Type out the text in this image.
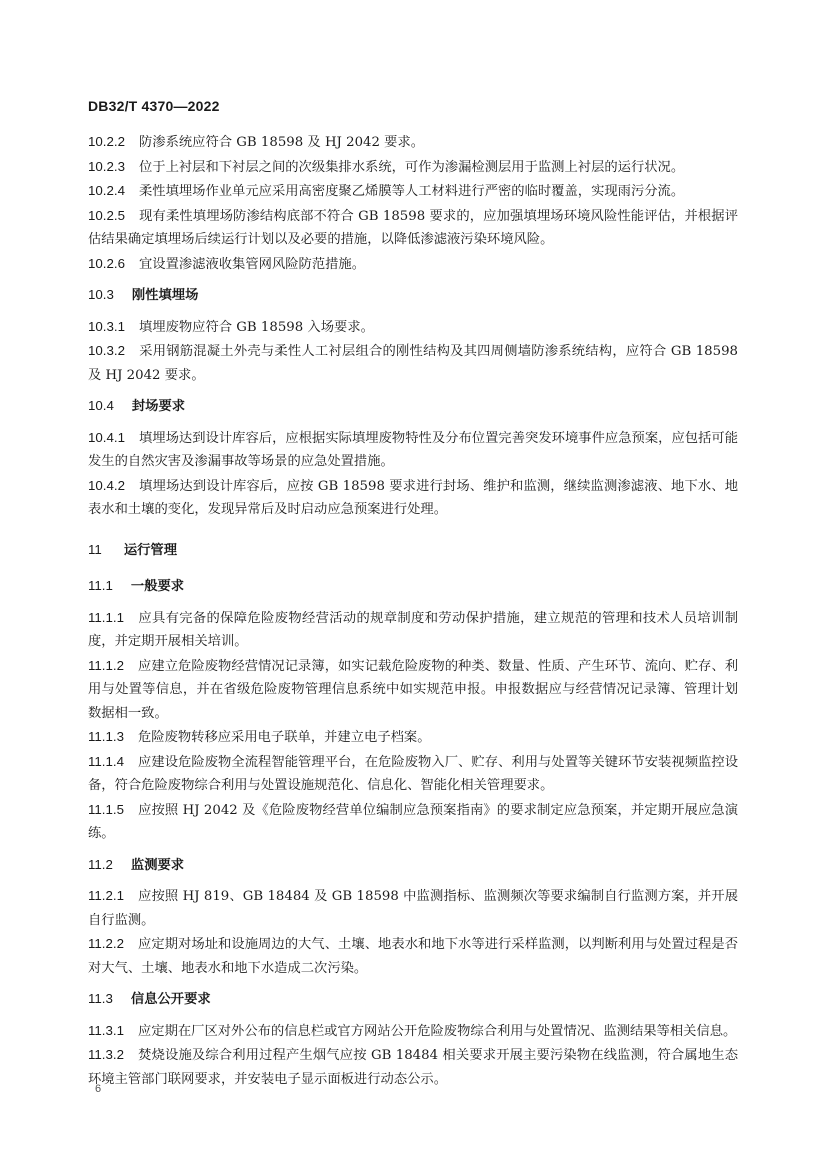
DB32/T 4370—2022

10.2.2 防渗系统应符合 GB 18598 及 HJ 2042 要求。

10.2.3 位于上衬层和下衬层之间的次级集排水系统，可作为渗漏检测层用于监测上衬层的运行状况。

10.2.4 柔性填埋场作业单元应采用高密度聚乙烯膜等人工材料进行严密的临时覆盖，实现雨污分流。

10.2.5 现有柔性填埋场防渗结构底部不符合 GB 18598 要求的，应加强填埋场环境风险性能评估，并根据评估结果确定填埋场后续运行计划以及必要的措施，以降低渗滤液污染环境风险。

10.2.6 宜设置渗滤液收集管网风险防范措施。

10.3 刚性填埋场

10.3.1 填埋废物应符合 GB 18598 入场要求。

10.3.2 采用钢筋混凝土外壳与柔性人工衬层组合的刚性结构及其四周侧墙防渗系统结构，应符合 GB 18598 及 HJ 2042 要求。

10.4 封场要求

10.4.1 填埋场达到设计库容后，应根据实际填埋废物特性及分布位置完善突发环境事件应急预案，应包括可能发生的自然灾害及渗漏事故等场景的应急处置措施。

10.4.2 填埋场达到设计库容后，应按 GB 18598 要求进行封场、维护和监测，继续监测渗滤液、地下水、地表水和土壤的变化，发现异常后及时启动应急预案进行处理。

11 运行管理

11.1 一般要求

11.1.1 应具有完备的保障危险废物经营活动的规章制度和劳动保护措施，建立规范的管理和技术人员培训制度，并定期开展相关培训。

11.1.2 应建立危险废物经营情况记录簿，如实记载危险废物的种类、数量、性质、产生环节、流向、贮存、利用与处置等信息，并在省级危险废物管理信息系统中如实规范申报。申报数据应与经营情况记录簿、管理计划数据相一致。

11.1.3 危险废物转移应采用电子联单，并建立电子档案。

11.1.4 应建设危险废物全流程智能管理平台，在危险废物入厂、贮存、利用与处置等关键环节安装视频监控设备，符合危险废物综合利用与处置设施规范化、信息化、智能化相关管理要求。

11.1.5 应按照 HJ 2042 及《危险废物经营单位编制应急预案指南》的要求制定应急预案，并定期开展应急演练。

11.2 监测要求

11.2.1 应按照 HJ 819、GB 18484 及 GB 18598 中监测指标、监测频次等要求编制自行监测方案，并开展自行监测。

11.2.2 应定期对场址和设施周边的大气、土壤、地表水和地下水等进行采样监测，以判断利用与处置过程是否对大气、土壤、地表水和地下水造成二次污染。

11.3 信息公开要求

11.3.1 应定期在厂区对外公布的信息栏或官方网站公开危险废物综合利用与处置情况、监测结果等相关信息。

11.3.2 焚烧设施及综合利用过程产生烟气应按 GB 18484 相关要求开展主要污染物在线监测，符合属地生态环境主管部门联网要求，并安装电子显示面板进行动态公示。

6
